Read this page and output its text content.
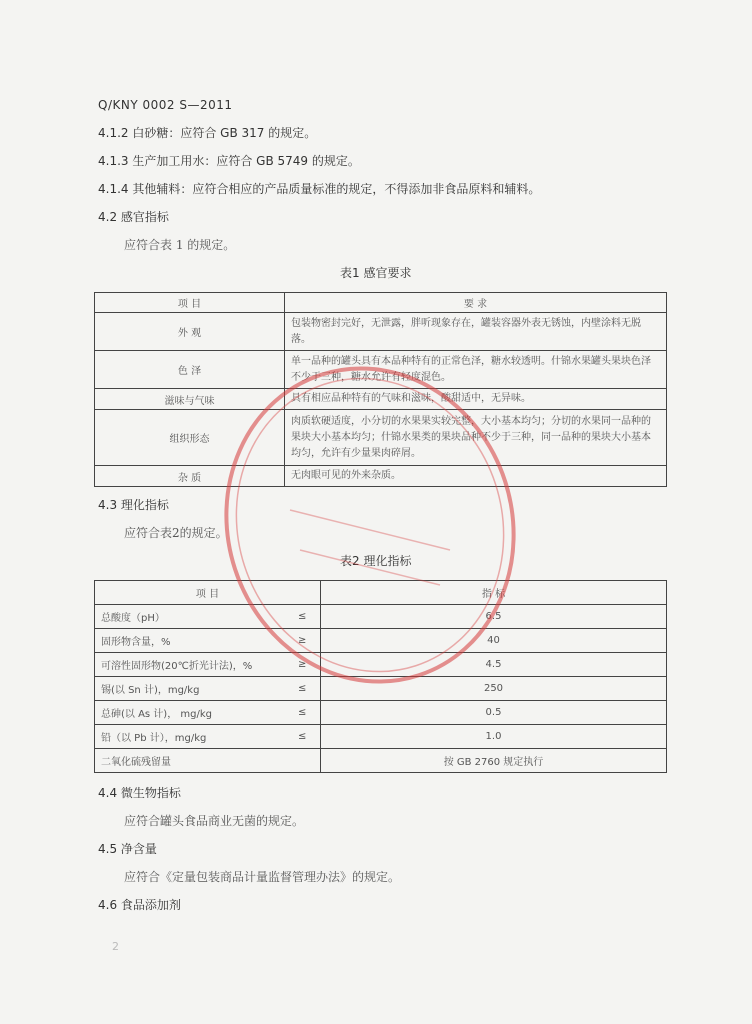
Q/KNY 0002 S—2011
4.1.2 白砂糖：应符合 GB 317 的规定。
4.1.3 生产加工用水：应符合 GB 5749 的规定。
4.1.4 其他辅料：应符合相应的产品质量标准的规定，不得添加非食品原料和辅料。
4.2 感官指标
应符合表 1 的规定。
表1 感官要求
项 目	要 求
外 观	包装物密封完好，无泄露，胖听现象存在，罐装容器外表无锈蚀，内壁涂料无脱落。
色 泽	单一品种的罐头具有本品种特有的正常色泽，糖水较透明。什锦水果罐头果块色泽不少于三种，糖水允许有轻度混色。
滋味与气味	具有相应品种特有的气味和滋味，酸甜适中，无异味。
组织形态	肉质软硬适度，小分切的水果果实较完整，大小基本均匀；分切的水果同一品种的果块大小基本均匀；什锦水果类的果块品种不少于三种，同一品种的果块大小基本均匀，允许有少量果肉碎屑。
杂 质	无肉眼可见的外来杂质。
4.3 理化指标
应符合表2的规定。
表2 理化指标
项 目		指 标
总酸度（pH）	≤	6.5
固形物含量，%	≥	40
可溶性固形物(20℃折光计法)，%	≥	4.5
锡(以 Sn 计)，mg/kg	≤	250
总砷(以 As 计)， mg/kg	≤	0.5
铅（以 Pb 计），mg/kg	≤	1.0
二氧化硫残留量		按 GB 2760 规定执行
4.4 微生物指标
应符合罐头食品商业无菌的规定。
4.5 净含量
应符合《定量包装商品计量监督管理办法》的规定。
4.6 食品添加剂
2
